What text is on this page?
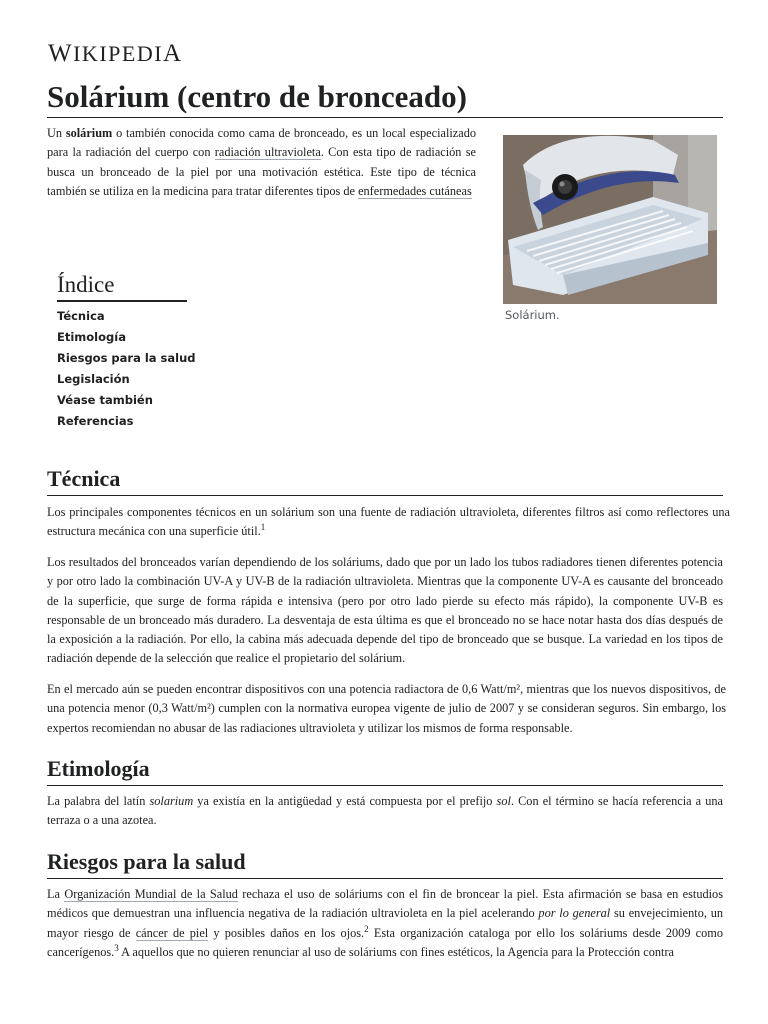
WIKIPEDIA
Solárium (centro de bronceado)

Un solárium o también conocida como cama de bronceado, es un local especializado para la radiación del cuerpo con radiación ultravioleta. Con esta tipo de radiación se busca un bronceado de la piel por una motivación estética. Este tipo de técnica también se utiliza en la medicina para tratar diferentes tipos de enfermedades cutáneas

Solárium.
Índice
Técnica
Etimología
Riesgos para la salud
Legislación
Véase también
Referencias
Técnica

Los principales componentes técnicos en un solárium son una fuente de radiación ultravioleta, diferentes filtros así como reflectores una estructura mecánica con una superficie útil.$^1$

Los resultados del bronceados varían dependiendo de los soláriums, dado que por un lado los tubos radiadores tienen diferentes potencia y por otro lado la combinación UV-A y UV-B de la radiación ultravioleta. Mientras que la componente UV-A es causante del bronceado de la superficie, que surge de forma rápida e intensiva (pero por otro lado pierde su efecto más rápido), la componente UV-B es responsable de un bronceado más duradero. La desventaja de esta última es que el bronceado no se hace notar hasta dos días después de la exposición a la radiación. Por ello, la cabina más adecuada depende del tipo de bronceado que se busque. La variedad en los tipos de radiación depende de la selección que realice el propietario del solárium.

En el mercado aún se pueden encontrar dispositivos con una potencia radiactora de 0,6 Watt/m², mientras que los nuevos dispositivos, de una potencia menor (0,3 Watt/m²) cumplen con la normativa europea vigente de julio de 2007 y se consideran seguros. Sin embargo, los expertos recomiendan no abusar de las radiaciones ultravioleta y utilizar los mismos de forma responsable.

Etimología

La palabra del latín solarium ya existía en la antigüedad y está compuesta por el prefijo sol. Con el término se hacía referencia a una terraza o a una azotea.

Riesgos para la salud

La Organización Mundial de la Salud rechaza el uso de soláriums con el fin de broncear la piel. Esta afirmación se basa en estudios médicos que demuestran una influencia negativa de la radiación ultravioleta en la piel acelerando por lo general su envejecimiento, un mayor riesgo de cáncer de piel y posibles daños en los ojos.$^2$ Esta organización cataloga por ello los soláriums desde 2009 como cancerígenos.$^3$ A aquellos que no quieren renunciar al uso de soláriums con fines estéticos, la Agencia para la Protección contra
